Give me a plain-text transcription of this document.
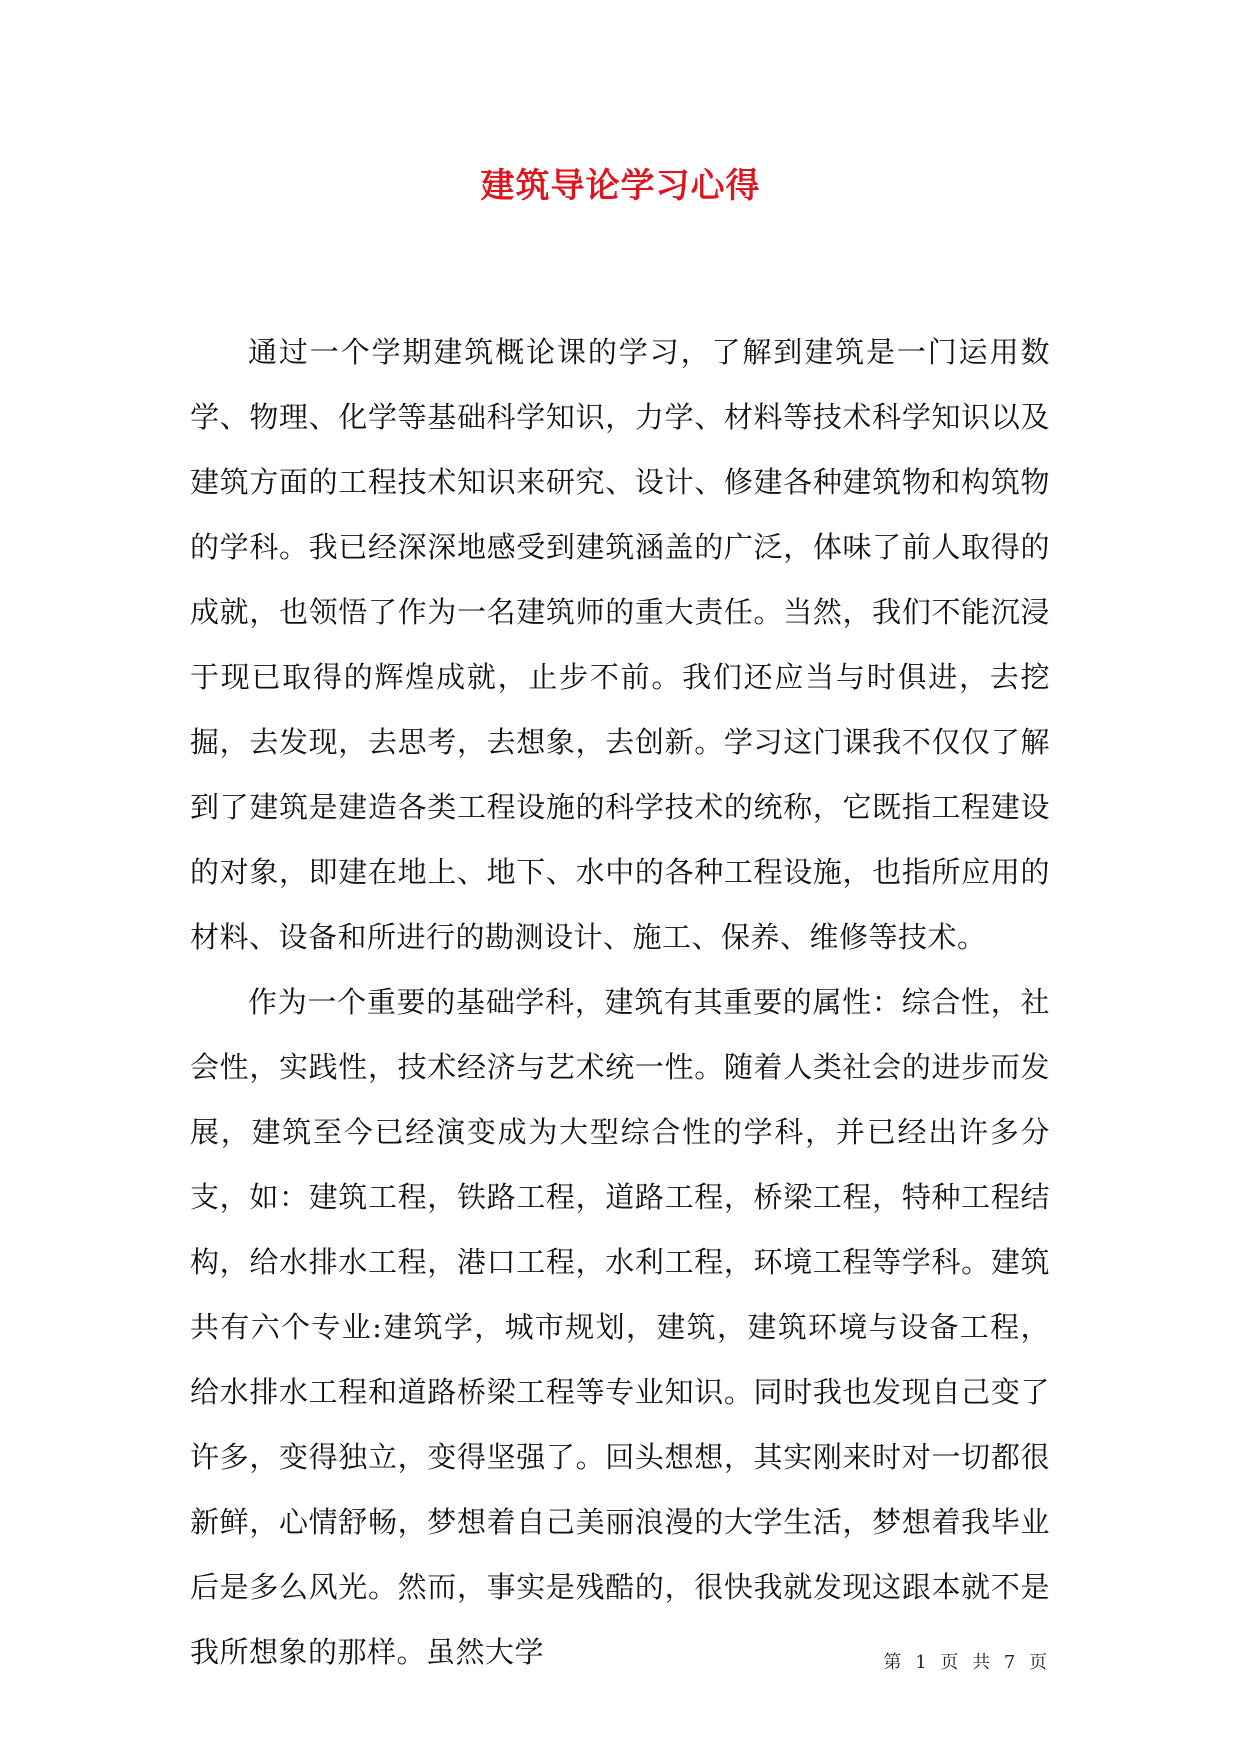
建筑导论学习心得

通过一个学期建筑概论课的学习，了解到建筑是一门运用数学、物理、化学等基础科学知识，力学、材料等技术科学知识以及建筑方面的工程技术知识来研究、设计、修建各种建筑物和构筑物的学科。我已经深深地感受到建筑涵盖的广泛，体味了前人取得的成就，也领悟了作为一名建筑师的重大责任。当然，我们不能沉浸于现已取得的辉煌成就，止步不前。我们还应当与时俱进，去挖掘，去发现，去思考，去想象，去创新。学习这门课我不仅仅了解到了建筑是建造各类工程设施的科学技术的统称，它既指工程建设的对象，即建在地上、地下、水中的各种工程设施，也指所应用的材料、设备和所进行的勘测设计、施工、保养、维修等技术。

作为一个重要的基础学科，建筑有其重要的属性：综合性，社会性，实践性，技术经济与艺术统一性。随着人类社会的进步而发展，建筑至今已经演变成为大型综合性的学科，并已经出许多分支，如：建筑工程，铁路工程，道路工程，桥梁工程，特种工程结构，给水排水工程，港口工程，水利工程，环境工程等学科。建筑共有六个专业:建筑学，城市规划，建筑，建筑环境与设备工程，给水排水工程和道路桥梁工程等专业知识。同时我也发现自己变了许多，变得独立，变得坚强了。回头想想，其实刚来时对一切都很新鲜，心情舒畅，梦想着自己美丽浪漫的大学生活，梦想着我毕业后是多么风光。然而，事实是残酷的，很快我就发现这跟本就不是我所想象的那样。虽然大学	第 1 页 共 7 页
